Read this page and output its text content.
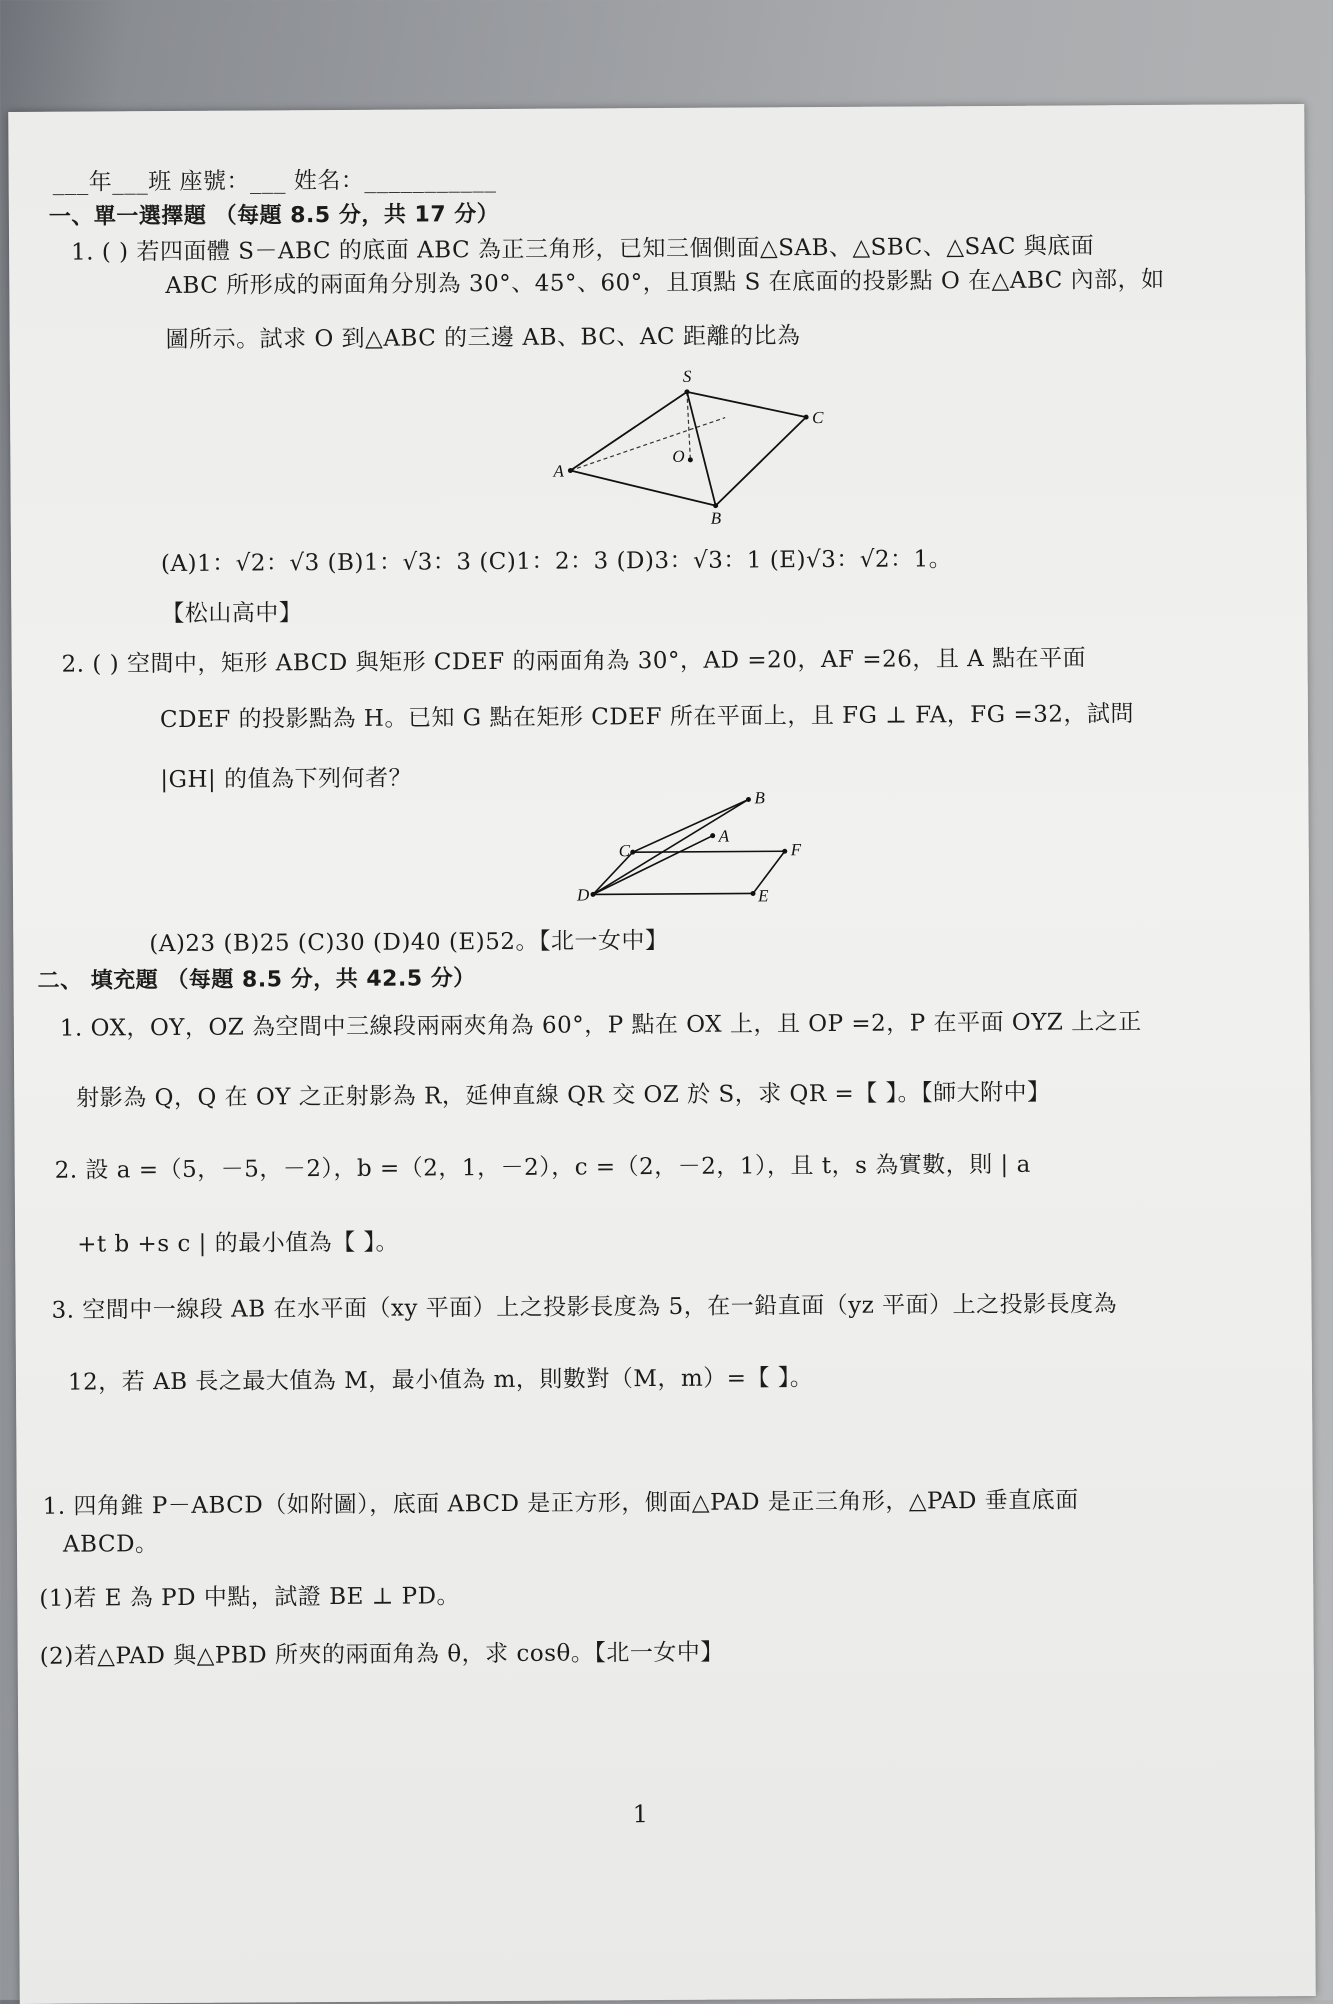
___年___班 座號：___ 姓名：___________
一、單一選擇題 （每題 8.5 分，共 17 分）
1. ( ) 若四面體 S－ABC 的底面 ABC 為正三角形，已知三個側面△SAB、△SBC、△SAC 與底面
ABC 所形成的兩面角分別為 30°、45°、60°，且頂點 S 在底面的投影點 O 在△ABC 內部，如
圖所示。試求 O 到△ABC 的三邊 AB、BC、AC 距離的比為
S
C
O
A
B
(A)1：√2：√3 (B)1：√3：3 (C)1：2：3 (D)3：√3：1 (E)√3：√2：1。
【松山高中】
2. ( ) 空間中，矩形 ABCD 與矩形 CDEF 的兩面角為 30°，AD =20，AF =26，且 A 點在平面
CDEF 的投影點為 H。已知 G 點在矩形 CDEF 所在平面上，且 FG ⊥ FA，FG =32，試問
|GH| 的值為下列何者？
B
A
C	F
D	E
(A)23 (B)25 (C)30 (D)40 (E)52。【北一女中】
二、 填充題 （每題 8.5 分，共 42.5 分）
1. OX，OY，OZ 為空間中三線段兩兩夾角為 60°，P 點在 OX 上，且 OP =2，P 在平面 OYZ 上之正
射影為 Q，Q 在 OY 之正射影為 R，延伸直線 QR 交 OZ 於 S，求 QR =【 】。【師大附中】
2. 設 a =（5，－5，－2），b =（2，1，－2），c =（2，－2，1），且 t，s 為實數，則 | a
+t b +s c | 的最小值為【 】。
3. 空間中一線段 AB 在水平面（xy 平面）上之投影長度為 5，在一鉛直面（yz 平面）上之投影長度為
12，若 AB 長之最大值為 M，最小值為 m，則數對（M，m）=【 】。
1. 四角錐 P－ABCD（如附圖），底面 ABCD 是正方形，側面△PAD 是正三角形，△PAD 垂直底面
ABCD。
(1)若 E 為 PD 中點，試證 BE ⊥ PD。
(2)若△PAD 與△PBD 所夾的兩面角為 θ，求 cosθ。【北一女中】
1
